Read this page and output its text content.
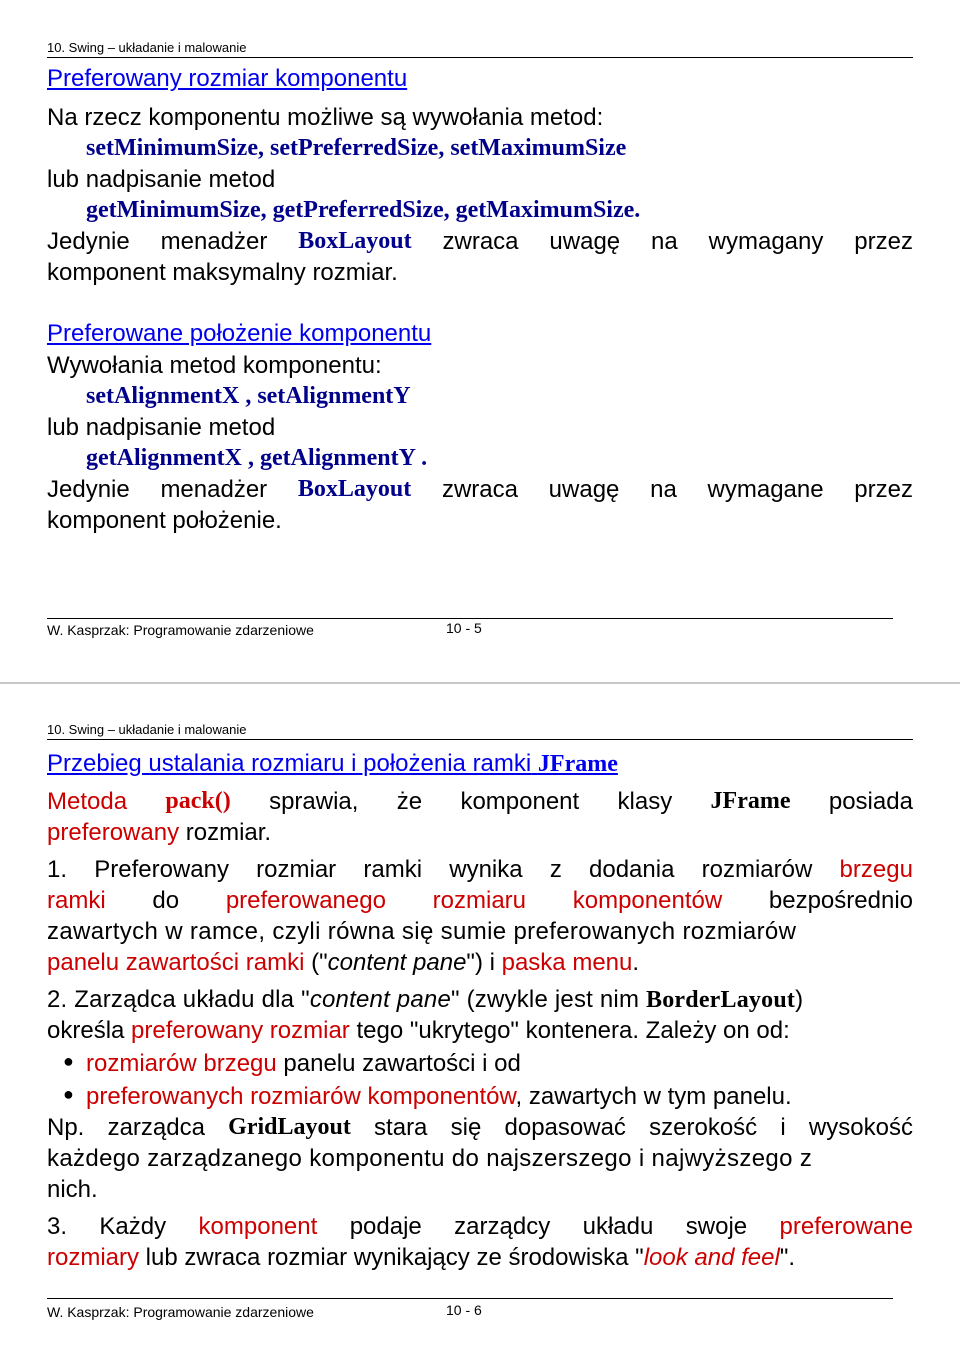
10. Swing – układanie i malowanie
Preferowany rozmiar komponentu
Na rzecz komponentu możliwe są wywołania metod:
setMinimumSize, setPreferredSize, setMaximumSize
lub nadpisanie metod
getMinimumSize, getPreferredSize, getMaximumSize.
Jedynie menadżer BoxLayout zwraca uwagę na wymagany przez
komponent maksymalny rozmiar.
Preferowane położenie komponentu
Wywołania metod komponentu:
setAlignmentX , setAlignmentY
lub nadpisanie metod
getAlignmentX , getAlignmentY .
Jedynie menadżer BoxLayout zwraca uwagę na wymagane przez
komponent położenie.
W. Kasprzak: Programowanie zdarzeniowe	10 - 5
10. Swing – układanie i malowanie
Przebieg ustalania rozmiaru i położenia ramki JFrame
Metoda pack() sprawia, że komponent klasy JFrame posiada
preferowany rozmiar.
1. Preferowany rozmiar ramki wynika z dodania rozmiarów brzegu
ramki do preferowanego rozmiaru komponentów bezpośrednio
zawartych w ramce, czyli równa się sumie preferowanych rozmiarów
panelu zawartości ramki ("content pane") i paska menu.
2. Zarządca układu dla "content pane" (zwykle jest nim BorderLayout)
określa preferowany rozmiar tego "ukrytego" kontenera. Zależy on od:
● rozmiarów brzegu panelu zawartości i od
● preferowanych rozmiarów komponentów, zawartych w tym panelu.
Np. zarządca GridLayout stara się dopasować szerokość i wysokość
każdego zarządzanego komponentu do najszerszego i najwyższego z
nich.
3. Każdy komponent podaje zarządcy układu swoje preferowane
rozmiary lub zwraca rozmiar wynikający ze środowiska "look and feel".
W. Kasprzak: Programowanie zdarzeniowe	10 - 6
